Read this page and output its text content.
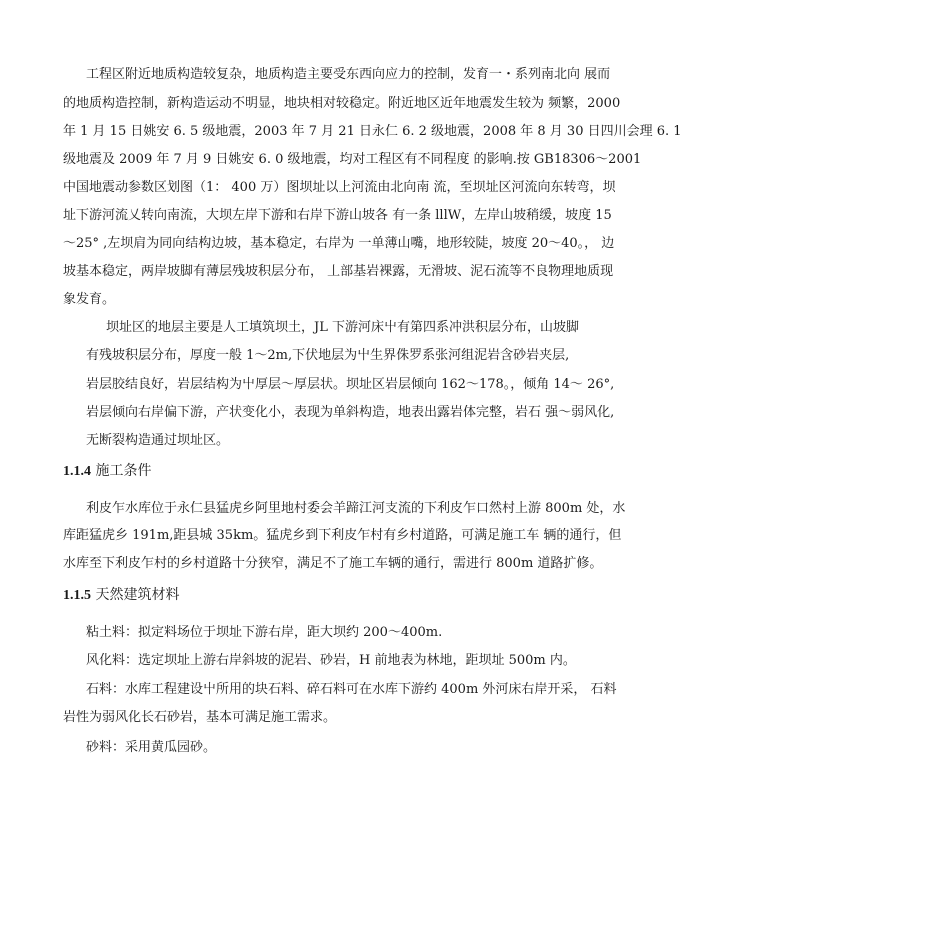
工程区附近地质构造较复杂，地质构造主要受东西向应力的控制，发育一・系列南北向 展而
的地质构造控制，新构造运动不明显，地块相对较稳定。附近地区近年地震发生较为 频繁，2000
年 1 月 15 日姚安 6. 5 级地震，2003 年 7 月 21 日永仁 6. 2 级地震，2008 年 8 月 30 日四川会理 6. 1
级地震及 2009 年 7 月 9 日姚安 6. 0 级地震，均对工程区有不同程度 的影响.按 GB18306〜2001
中国地震动参数区划图（1： 400 万）图坝址以上河流由北向南 流，至坝址区河流向东转弯，坝
址下游河流乂转向南流，大坝左岸下游和右岸下游山坡各 有一条 lllW，左岸山坡稍缓，坡度 15
〜25° ,左坝肩为同向结构边坡，基本稳定，右岸为 一单薄山嘴，地形较陡，坡度 20〜40。， 边
坡基本稳定，两岸坡脚有薄层残坡积层分布， 丄部基岩裸露，无滑坡、泥石流等不良物理地质现
象发育。
坝址区的地层主要是人工填筑坝土，JL 下游河床屮有第四系冲洪积层分布，山坡脚
有残坡积层分布，厚度一般 1〜2m,下伏地层为屮生界侏罗系张河组泥岩含砂岩夹层,
岩层胶结良好，岩层结构为屮厚层〜厚层状。坝址区岩层倾向 162〜178。，倾角 14〜 26°,
岩层倾向右岸偏下游，产状变化小，表现为单斜构造，地表出露岩体完整，岩石 强〜弱风化,
无断裂构造通过坝址区。
1.1.4 施工条件
利皮乍水库位于永仁县猛虎乡阿里地村委会羊蹄江河支流的下利皮乍口然村上游 800m 处，水
库距猛虎乡 191m,距县城 35km。猛虎乡到下利皮乍村有乡村道路，可满足施工车 辆的通行，但
水库至下利皮乍村的乡村道路十分狭窄，满足不了施工车辆的通行，需进行 800m 道路扩修。
1.1.5 天然建筑材料
粘土料：拟定料场位于坝址下游右岸，距大坝约 200〜400m.
风化料：选定坝址上游右岸斜坡的泥岩、砂岩，H 前地表为林地，距坝址 500m 内。
石料：水库工程建设屮所用的块石料、碎石料可在水库下游约 400m 外河床右岸开采， 石料
岩性为弱风化长石砂岩，基本可满足施工需求。
砂料：采用黄瓜园砂。
